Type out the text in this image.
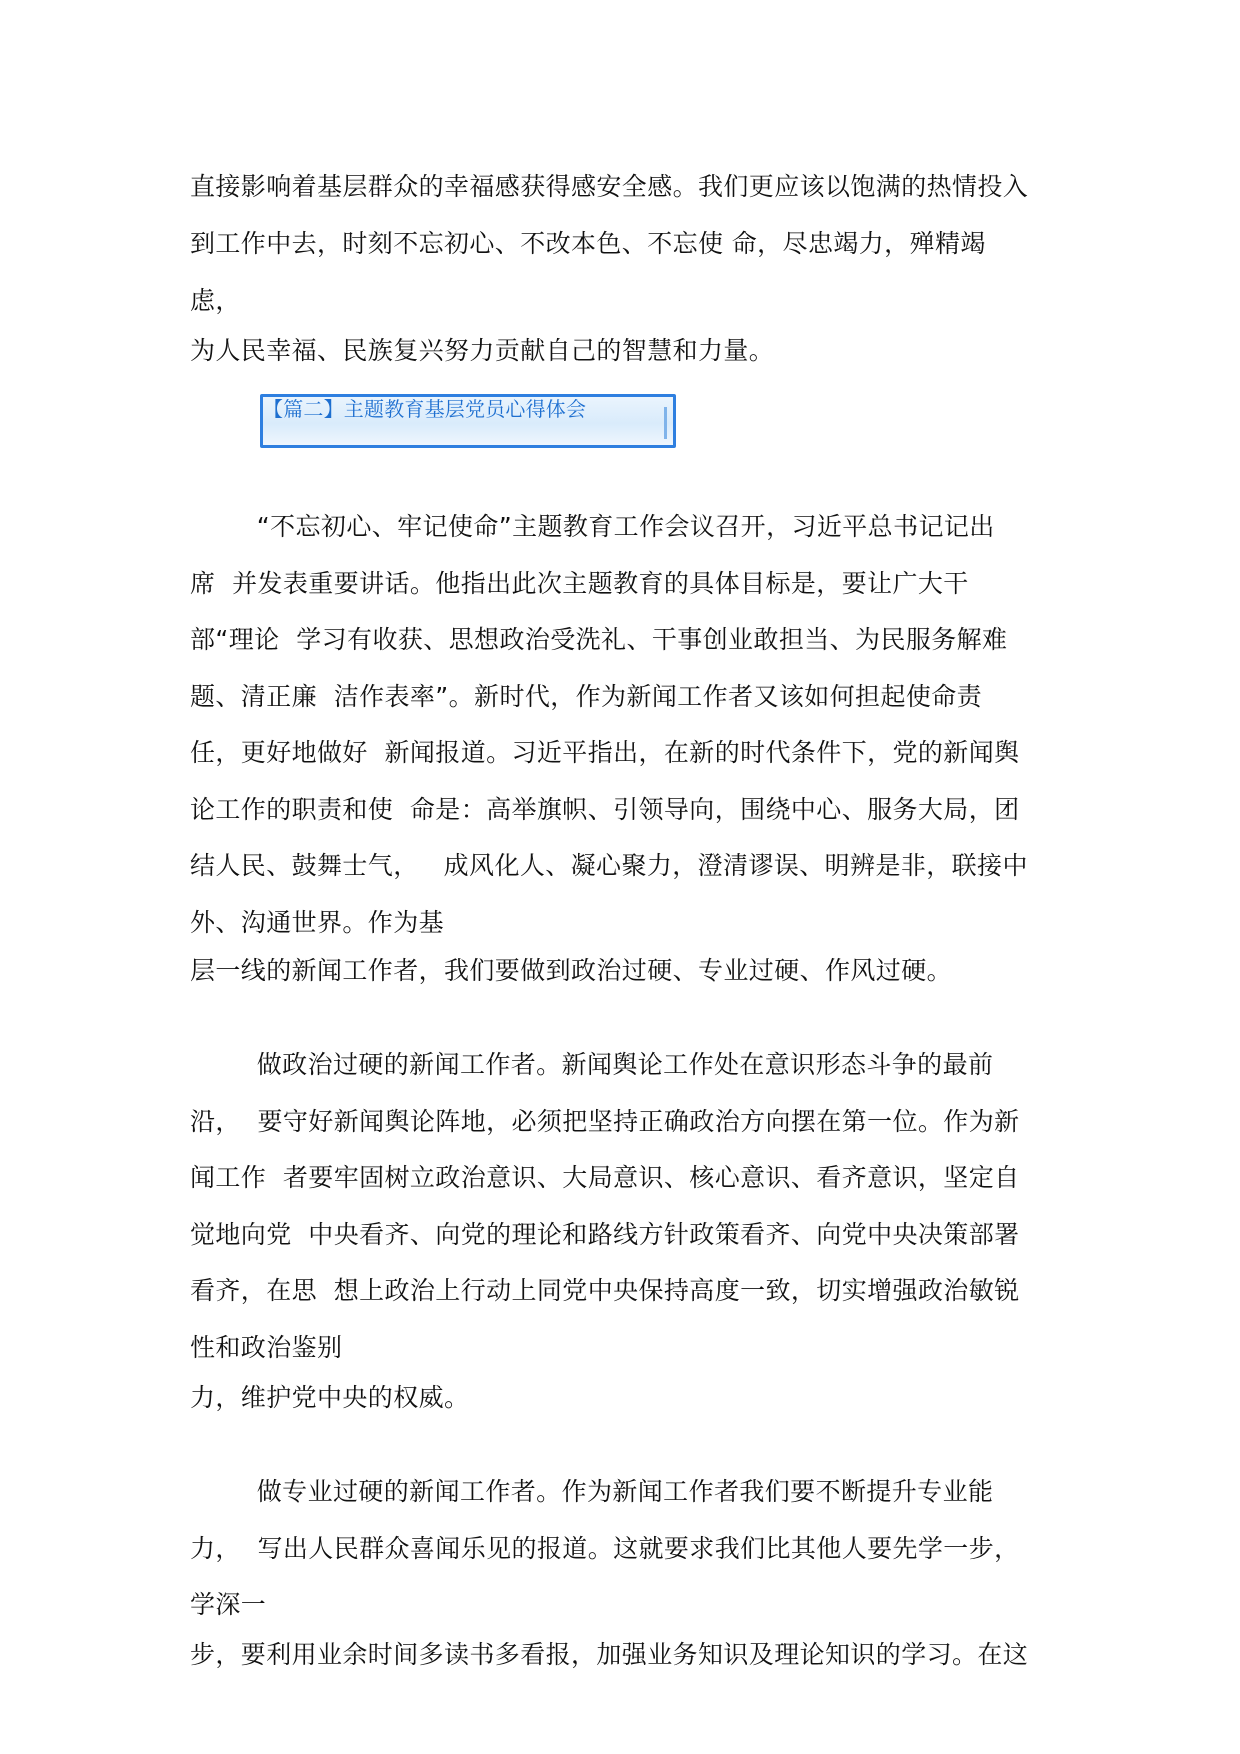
直接影响着基层群众的幸福感获得感安全感。我们更应该以饱满的热情投入
到工作中去，时刻不忘初心、不改本色、不忘使 命，尽忠竭力，殚精竭
虑，
为人民幸福、民族复兴努力贡献自己的智慧和力量。
【篇二】主题教育基层党员心得体会
“不忘初心、牢记使命”主题教育工作会议召开，习近平总书记记出
席  并发表重要讲话。他指出此次主题教育的具体目标是，要让广大干
部“理论  学习有收获、思想政治受洗礼、干事创业敢担当、为民服务解难
题、清正廉  洁作表率”。新时代，作为新闻工作者又该如何担起使命责
任，更好地做好  新闻报道。习近平指出，在新的时代条件下，党的新闻舆
论工作的职责和使  命是：高举旗帜、引领导向，围绕中心、服务大局，团
结人民、鼓舞士气，   成风化人、凝心聚力，澄清谬误、明辨是非，联接中
外、沟通世界。作为基
层一线的新闻工作者，我们要做到政治过硬、专业过硬、作风过硬。
做政治过硬的新闻工作者。新闻舆论工作处在意识形态斗争的最前
沿，  要守好新闻舆论阵地，必须把坚持正确政治方向摆在第一位。作为新
闻工作  者要牢固树立政治意识、大局意识、核心意识、看齐意识，坚定自
觉地向党  中央看齐、向党的理论和路线方针政策看齐、向党中央决策部署
看齐，在思  想上政治上行动上同党中央保持高度一致，切实增强政治敏锐
性和政治鉴别
力，维护党中央的权威。
做专业过硬的新闻工作者。作为新闻工作者我们要不断提升专业能
力，  写出人民群众喜闻乐见的报道。这就要求我们比其他人要先学一步，
学深一
步，要利用业余时间多读书多看报，加强业务知识及理论知识的学习。在这
